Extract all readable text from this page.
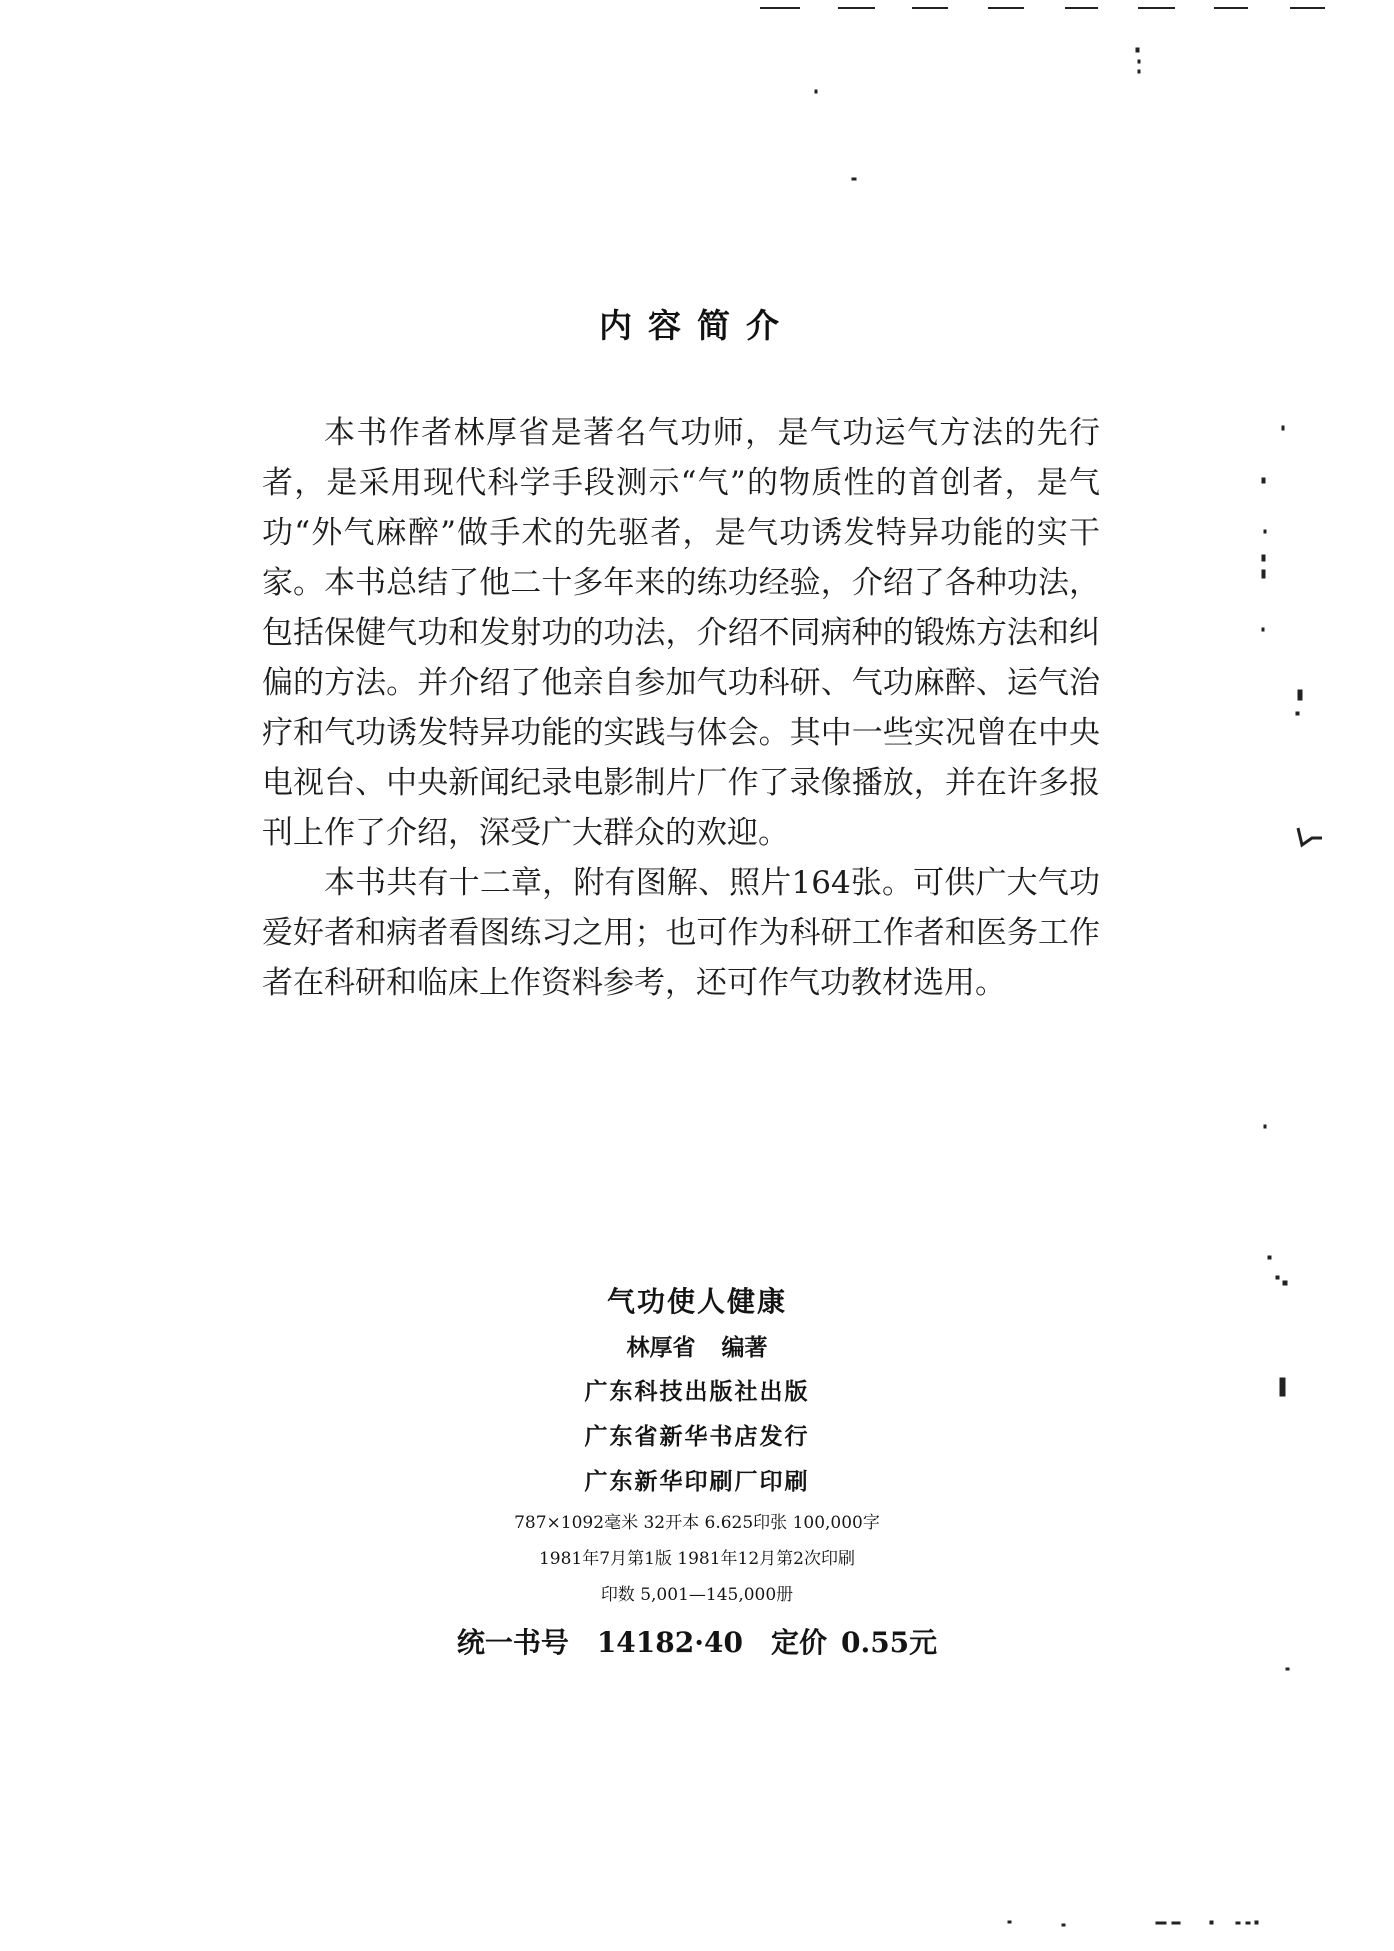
内容简介

本书作者林厚省是著名气功师，是气功运气方法的先行者，是采用现代科学手段测示“气”的物质性的首创者，是气功“外气麻醉”做手术的先驱者，是气功诱发特异功能的实干家。本书总结了他二十多年来的练功经验，介绍了各种功法，包括保健气功和发射功的功法，介绍不同病种的锻炼方法和纠偏的方法。并介绍了他亲自参加气功科研、气功麻醉、运气治疗和气功诱发特异功能的实践与体会。其中一些实况曾在中央电视台、中央新闻纪录电影制片厂作了录像播放，并在许多报刊上作了介绍，深受广大群众的欢迎。

本书共有十二章，附有图解、照片164张。可供广大气功爱好者和病者看图练习之用；也可作为科研工作者和医务工作者在科研和临床上作资料参考，还可作气功教材选用。

气功使人健康
林厚省 编著
广东科技出版社出版
广东省新华书店发行
广东新华印刷厂印刷
787×1092毫米 32开本 6.625印张 100,000字
1981年7月第1版 1981年12月第2次印刷
印数 5,001—145,000册
统一书号 14182·40 定价 0.55元
